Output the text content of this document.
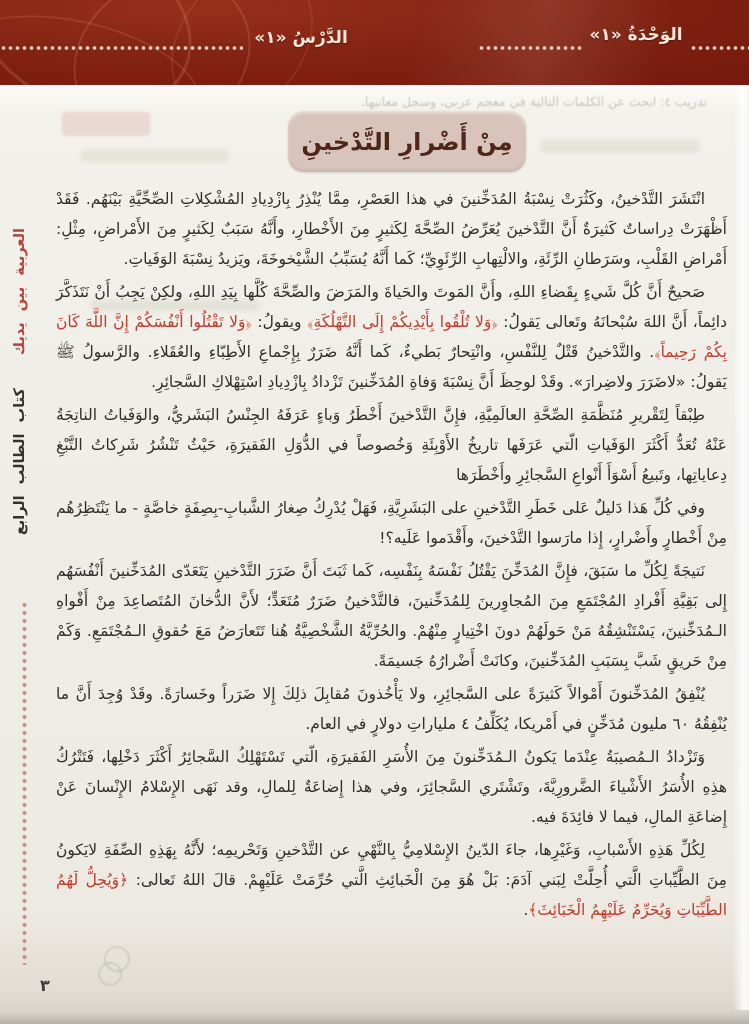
الدَّرْسُ «١»	الوَحْدَةُ «١»
تدريب ٤: ابحث عن الكلمات التالية في معجم عربي، وسجل معانيها.
مِنْ أَضْرارِ التَّدْخينِ

انْتَشَرَ التَّدْخينُ، وكَثُرَتْ نِسْبَةُ المُدَخِّنينَ في هذا العَصْرِ، مِمَّا يُنْذِرُ بِازْدِيادِ المُشْكِلاتِ الصِّحِّيَّةِ بَيْنَهُم. فَقَدْ أَظْهَرَتْ دِراساتٌ كَثيرَةٌ أَنَّ التَّدْخينَ يُعَرِّضُ الصِّحَّةَ لِكَثيرٍ مِنَ الأَخْطارِ، وأَنَّهُ سَبَبٌ لِكَثيرٍ مِنَ الأَمْراضِ، مِثْلِ: أَمْراضِ القَلْبِ، وسَرَطانِ الرِّئَةِ، والالْتِهابِ الرِّئَوِيِّ؛ كَما أَنَّهُ يُسَبِّبُ الشَّيْخوخَةَ، ويَزيدُ نِسْبَةَ الوَفَياتِ.

صَحيحٌ أَنَّ كُلَّ شَيءٍ بِقَضاءِ اللهِ، وأَنَّ المَوتَ والحَياةَ والمَرَضَ والصِّحَّةَ كُلَّها بِيَدِ اللهِ، ولكِنْ يَجِبُ أَنْ نَتَذَكَّرَ دائِماً، أَنَّ اللهَ سُبْحانَهُ وتَعالى يَقولُ: ﴿وَلا تُلْقُوا بِأَيْدِيكُمْ إِلَى التَّهْلُكَةِ﴾ ويقولُ: ﴿وَلا تَقْتُلُوا أَنْفُسَكُمْ إِنَّ اللَّهَ كَانَ بِكُمْ رَحِيماً﴾. والتَّدْخينُ قَتْلٌ لِلنَّفْسِ، وانْتِحارٌ بَطيءٌ، كَما أَنَّهُ ضَرَرٌ بِإِجْماعِ الأَطِبّاءِ والعُقَلاءِ. والرَّسولُ ﷺ يَقولُ: «لاضَرَرَ ولاضِرارَ». وقَدْ لوحِظَ أَنَّ نِسْبَةَ وَفاةِ المُدَخِّنينَ تَزْدادُ بِازْدِيادِ اسْتِهْلاكِ السَّجائِرِ.

طِبْقاً لِتَقْريرِ مُنَظَّمَةِ الصِّحَّةِ العالَمِيَّةِ، فإِنَّ التَّدْخينَ أَخْطَرُ وَباءٍ عَرَفَهُ الجِنْسُ البَشَريُّ، والوَفَياتُ الناتِجَةُ عَنْهُ تُعَدُّ أَكْثَرَ الوَفَياتِ الّتي عَرَفَها تاريخُ الأَوْبِئَةِ وَخُصوصاً في الدُّوَلِ الفَقيرَةِ، حَيْثُ تَنْشُرُ شَرِكاتُ التَّبْغِ دِعاياتِها، وتَبيعُ أَسْوَأَ أَنْواعِ السَّجائِرِ وأَخْطَرَها

وفي كُلِّ هَذا دَليلٌ عَلى خَطَرِ التَّدْخينِ على البَشَرِيَّةِ، فَهَلْ يُدْرِكُ صِغارُ الشَّبابِ-بِصِفَةٍ خاصَّةٍ - ما يَنْتَظِرُهُم مِنْ أَخْطارٍ وأَضْرارٍ، إِذا مارَسوا التَّدْخينَ، وأَقْدَموا عَلَيه؟!

نَتيجَةً لِكُلِّ ما سَبَقَ، فإِنَّ المُدَخِّنَ يَقْتُلُ نَفْسَهُ بِنَفْسِه، كَما ثَبَتَ أَنَّ ضَرَرَ التَّدْخينِ يَتَعَدّى المُدَخِّنينَ أَنْفُسَهُم إِلى بَقِيَّةِ أَفْرادِ المُجْتَمَعِ مِنَ المُجاوِرينَ لِلمُدَخِّنينَ، فالتَّدْخينُ ضَرَرٌ مُتَعَدٍّ؛ لأَنَّ الدُّخانَ المُتَصاعِدَ مِنْ أَفْواهِ الـمُدَخِّنينَ، يَسْتَنْشِقُهُ مَنْ حَولَهُمْ دونَ اخْتِيارٍ مِنْهُمْ. والحُرِّيَّةُ الشَّخْصِيَّةُ هُنا تَتَعارَضُ مَعَ حُقوقِ الـمُجْتَمَعِ. وَكَمْ مِنْ حَريقٍ شَبَّ بِسَبَبِ المُدَخِّنينَ، وكانَتْ أَضْرارُهُ جَسيمَةً.

يُنْفِقُ المُدَخِّنونَ أَمْوالاً كَثيرَةً على السَّجائِرِ، ولا يَأْخُذونَ مُقابِلَ ذلِكَ إِلا ضَرَراً وخَسارَةً. وقَدْ وُجِدَ أَنَّ ما يُنْفِقُهُ ٦٠ مليون مُدَخِّنٍ في أَمْريكا، يُكَلِّفُ ٤ ملياراتِ دولارٍ في العام.

وَتَزْدادُ الـمُصيبَةُ عِنْدَما يَكونُ الـمُدَخِّنونَ مِنَ الأُسَرِ الفَقيرَةِ، الّتي تَسْتَهْلِكُ السَّجائِرُ أَكْثَرَ دَخْلِها، فَتَتْرُكُ هذِهِ الأُسَرُ الأَشْياءَ الضَّرورِيَّةَ، وتَشْتَري السَّجائِرَ، وفي هذا إِضاعَةٌ لِلمالِ، وقد نَهَى الإِسْلامُ الإِنْسانَ عَنْ إِضاعَةِ المالِ، فيما لا فائِدَةَ فيه.

لِكُلِّ هَذِهِ الأَسْبابِ، وَغَيْرِها، جاءَ الدّينُ الإِسْلامِيُّ بِالنَّهْيِ عن التَّدْخينِ وَتَحْريمِه؛ لأَنَّهُ بِهَذِهِ الصِّفَةِ لايَكونُ مِنَ الطَّيِّباتِ الَّتي أُحِلَّتْ لِبَني آدَمَ: بَلْ هُوَ مِنَ الْخَبائِثِ الَّتي حُرِّمَتْ عَلَيْهِمْ. قالَ اللهُ تَعالى: ﴿وَيُحِلُّ لَهُمُ الطَّيِّبَاتِ وَيُحَرِّمُ عَلَيْهِمُ الْخَبَائِثَ﴾.

العربية بين يديك كتاب الطالب الرابع
٣
